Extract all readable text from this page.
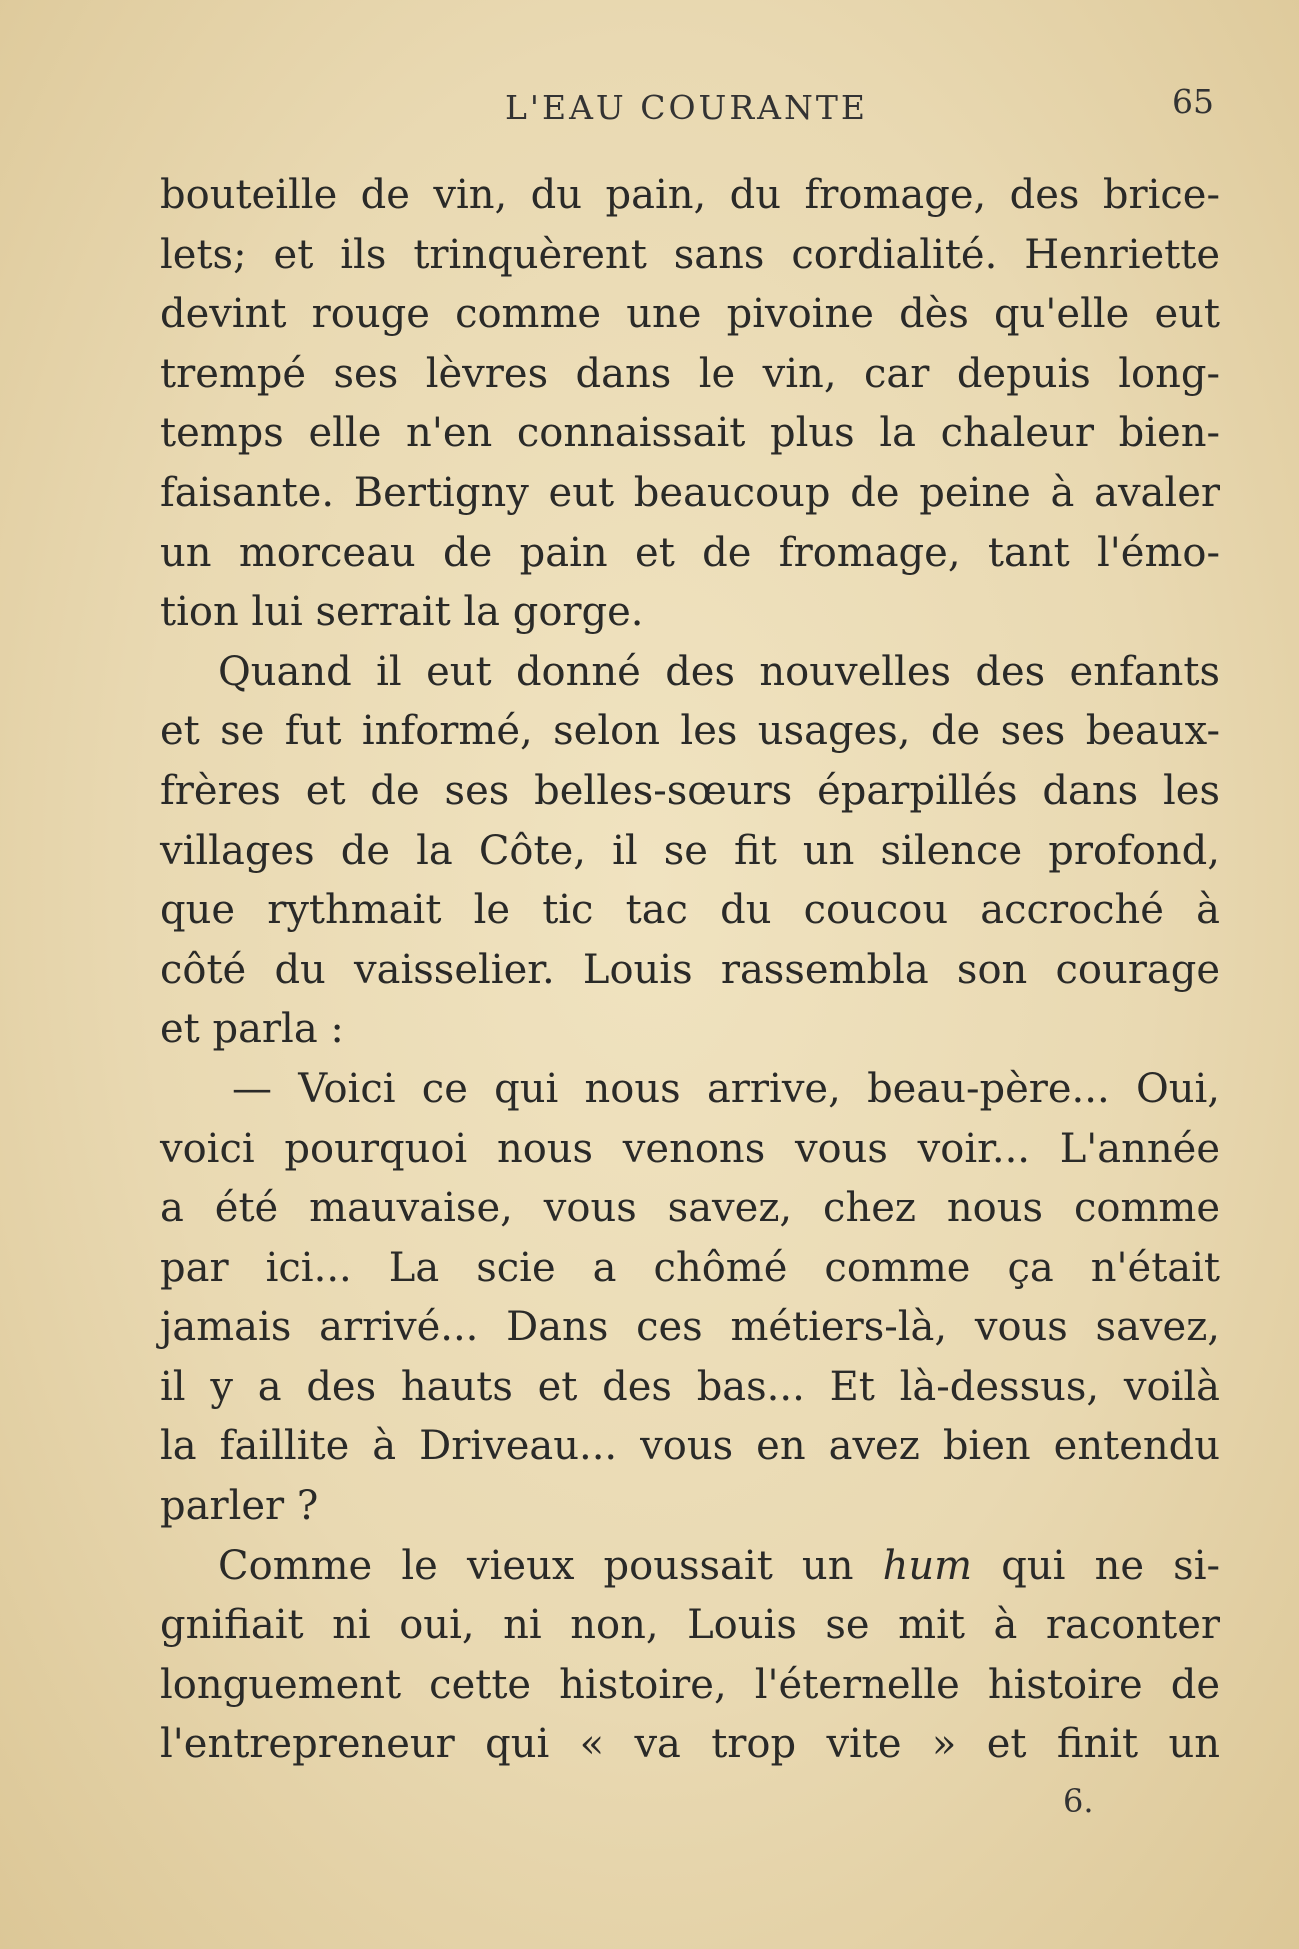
L'EAU COURANTE	65
bouteille de vin, du pain, du fromage, des brice-
lets; et ils trinquèrent sans cordialité. Henriette
devint rouge comme une pivoine dès qu'elle eut
trempé ses lèvres dans le vin, car depuis long-
temps elle n'en connaissait plus la chaleur bien-
faisante. Bertigny eut beaucoup de peine à avaler
un morceau de pain et de fromage, tant l'émo-
tion lui serrait la gorge.
Quand il eut donné des nouvelles des enfants
et se fut informé, selon les usages, de ses beaux-
frères et de ses belles-sœurs éparpillés dans les
villages de la Côte, il se fit un silence profond,
que rythmait le tic tac du coucou accroché à
côté du vaisselier. Louis rassembla son courage
et parla :
— Voici ce qui nous arrive, beau-père... Oui,
voici pourquoi nous venons vous voir... L'année
a été mauvaise, vous savez, chez nous comme
par ici... La scie a chômé comme ça n'était
jamais arrivé... Dans ces métiers-là, vous savez,
il y a des hauts et des bas... Et là-dessus, voilà
la faillite à Driveau... vous en avez bien entendu
parler ?
Comme le vieux poussait un hum qui ne si-
gnifiait ni oui, ni non, Louis se mit à raconter
longuement cette histoire, l'éternelle histoire de
l'entrepreneur qui « va trop vite » et finit un
6.
